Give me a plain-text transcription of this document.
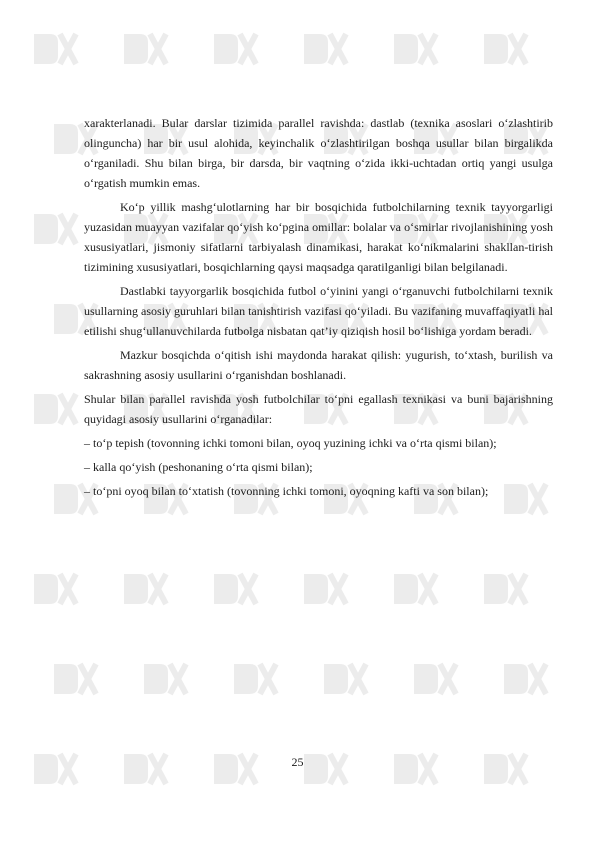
xarakterlanadi. Bular darslar tizimida parallel ravishda: dastlab (texnika asoslari o‘zlashtirib olinguncha) har bir usul alohida, keyinchalik o‘zlashtirilgan boshqa usullar bilan birgalikda o‘rganiladi. Shu bilan birga, bir darsda, bir vaqtning o‘zida ikki-uchtadan ortiq yangi usulga o‘rgatish mumkin emas.

Ko‘p yillik mashg‘ulotlarning har bir bosqichida futbolchilarning texnik tayyorgarligi yuzasidan muayyan vazifalar qo‘yish ko‘pgina omillar: bolalar va o‘smirlar rivojlanishining yosh xususiyatlari, jismoniy sifatlarni tarbiyalash dinamikasi, harakat ko‘nikmalarini shakllan-tirish tizimining xususiyatlari, bosqichlarning qaysi maqsadga qaratilganligi bilan belgilanadi.

Dastlabki tayyorgarlik bosqichida futbol o‘yinini yangi o‘rganuvchi futbolchilarni texnik usullarning asosiy guruhlari bilan tanishtirish vazifasi qo‘yiladi. Bu vazifaning muvaffaqiyatli hal etilishi shug‘ullanuvchilarda futbolga nisbatan qat’iy qiziqish hosil bo‘lishiga yordam beradi.

Mazkur bosqichda o‘qitish ishi maydonda harakat qilish: yugurish, to‘xtash, burilish va sakrashning asosiy usullarini o‘rganishdan boshlanadi.

Shular bilan parallel ravishda yosh futbolchilar to‘pni egallash texnikasi va buni bajarishning quyidagi asosiy usullarini o‘rganadilar:

– to‘p tepish (tovonning ichki tomoni bilan, oyoq yuzining ichki va o‘rta qismi bilan);

– kalla qo‘yish (peshonaning o‘rta qismi bilan);

– to‘pni oyoq bilan to‘xtatish (tovonning ichki tomoni, oyoqning kafti va son bilan);

25
